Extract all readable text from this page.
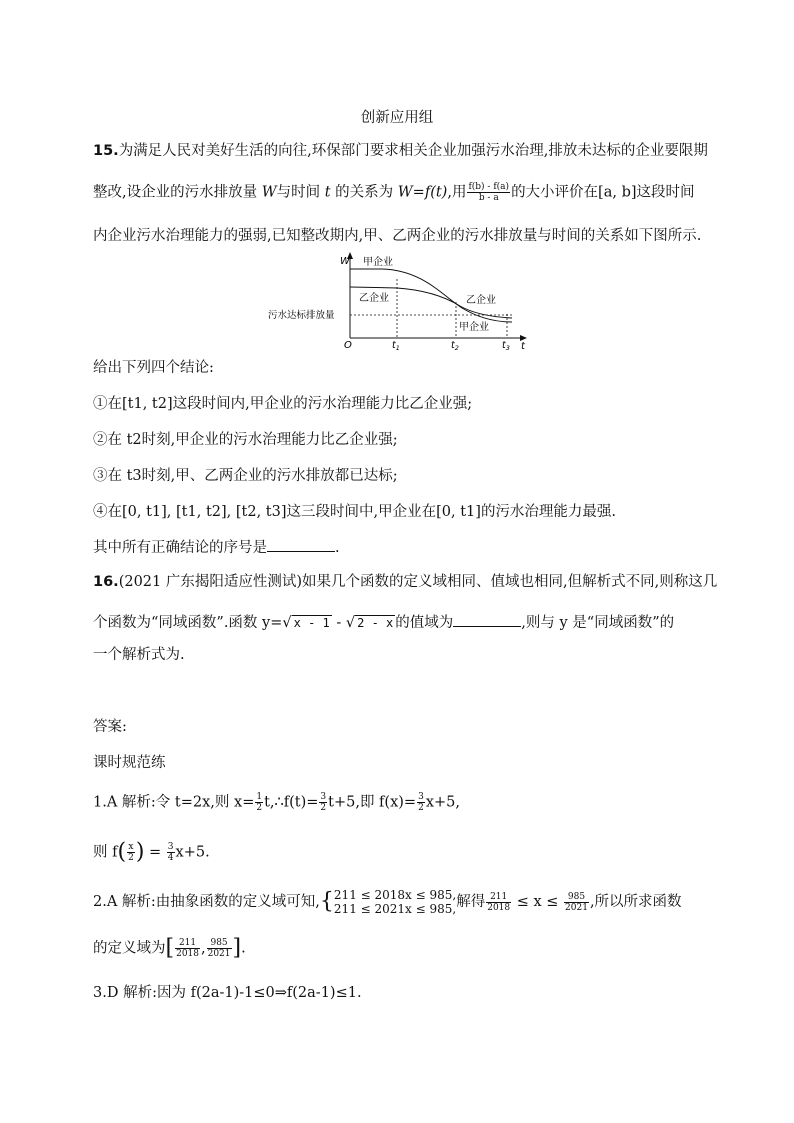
创新应用组
15.为满足人民对美好生活的向往,环保部门要求相关企业加强污水治理,排放未达标的企业要限期
整改,设企业的污水排放量 W与时间 t 的关系为 W=f(t),用 $\frac{f(b) - f(a)}{b - a}$ 的大小评价在[a, b]这段时间
内企业污水治理能力的强弱,已知整改期内,甲、乙两企业的污水排放量与时间的关系如下图所示.
W
t
O
污水达标排放量
甲企业
乙企业	乙企业
甲企业
$t_1$	$t_2$	$t_3$
给出下列四个结论:
①在[t1, t2]这段时间内,甲企业的污水治理能力比乙企业强;
②在 t2时刻,甲企业的污水治理能力比乙企业强;
③在 t3时刻,甲、乙两企业的污水排放都已达标;
④在[0, t1], [t1, t2], [t2, t3]这三段时间中,甲企业在[0, t1]的污水治理能力最强.
其中所有正确结论的序号是	.
16.(2021 广东揭阳适应性测试)如果几个函数的定义域相同、值域也相同,但解析式不同,则称这几
个函数为“同域函数”.函数 y=√ x - 1 - √ 2 - x 的值域为	,则与 y 是“同域函数”的
一个解析式为.
答案:
课时规范练
1.A 解析:令 t=2x,则 $x= \frac{1}{2}$ t,∴f(t)= $\frac{3}{2} t+5$,即 $f(x)= \frac{3}{2} x+5$,
则 $f( \frac{x}{2}$ ) = $\frac{3}{4} x+5$.
2.A 解析:由抽象函数的定义域可知,{ 211 ≤ 2018x ≤ 985,
211 ≤ 2021x ≤ 985, 解得 $\frac{211}{2018} \le x \le \frac{985}{2021}$ ,所以所求函数
的定义域为[ $\frac{211}{2018}$ , $\frac{985}{2021}$ ].
3.D 解析:因为 f(2a-1)-1≤0⇒f(2a-1)≤1.
